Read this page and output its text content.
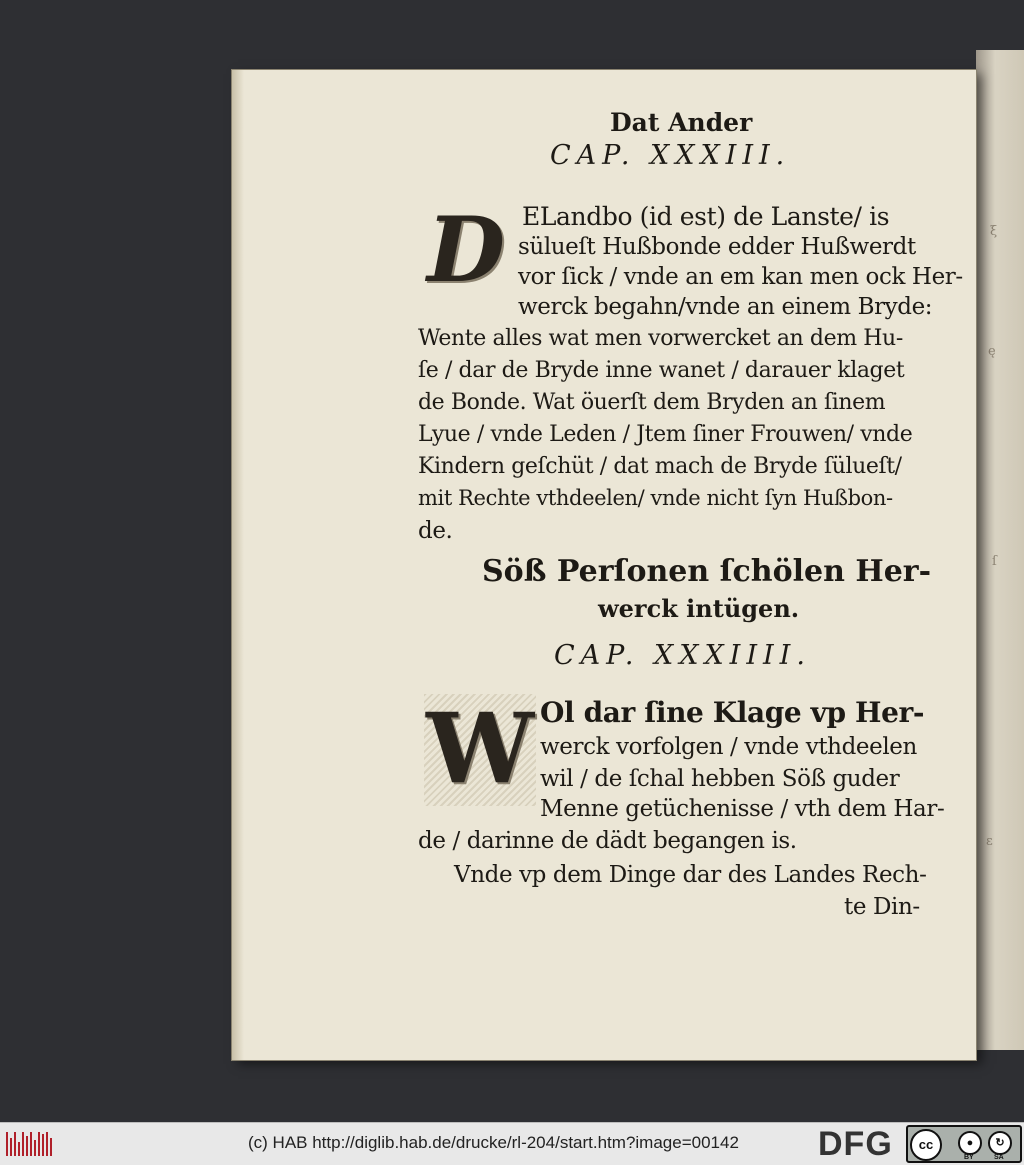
ξ
ę
ſ
ɛ
Dat Ander
CAP. XXXIII.
ELandbo (id est) de Lanste/ is
sülueſt Hußbonde edder Hußwerdt
vor ſick / vnde an em kan men ock Her-
werck begahn/vnde an einem Bryde:
Wente alles wat men vorwercket an dem Hu-
ſe / dar de Bryde inne wanet / darauer klaget
de Bonde. Wat öuerſt dem Bryden an ſinem
Lyue / vnde Leden / Jtem ſiner Frouwen/ vnde
Kindern geſchüt / dat mach de Bryde ſülueſt/
mit Rechte vthdeelen/ vnde nicht ſyn Hußbon-
de.
Söß Perſonen ſchölen Her-
werck intügen.
CAP. XXXIIII.
Ol dar ſine Klage vp Her-
werck vorfolgen / vnde vthdeelen
wil / de ſchal hebben Söß guder
Menne getüchenisse / vth dem Har-
de / darinne de dädt begangen is.
Vnde vp dem Dinge dar des Landes Rech-
te Din-
D
W
(c) HAB http://diglib.hab.de/drucke/rl-204/start.htm?image=00142 DFG	cc	●	↻
BY	SA
